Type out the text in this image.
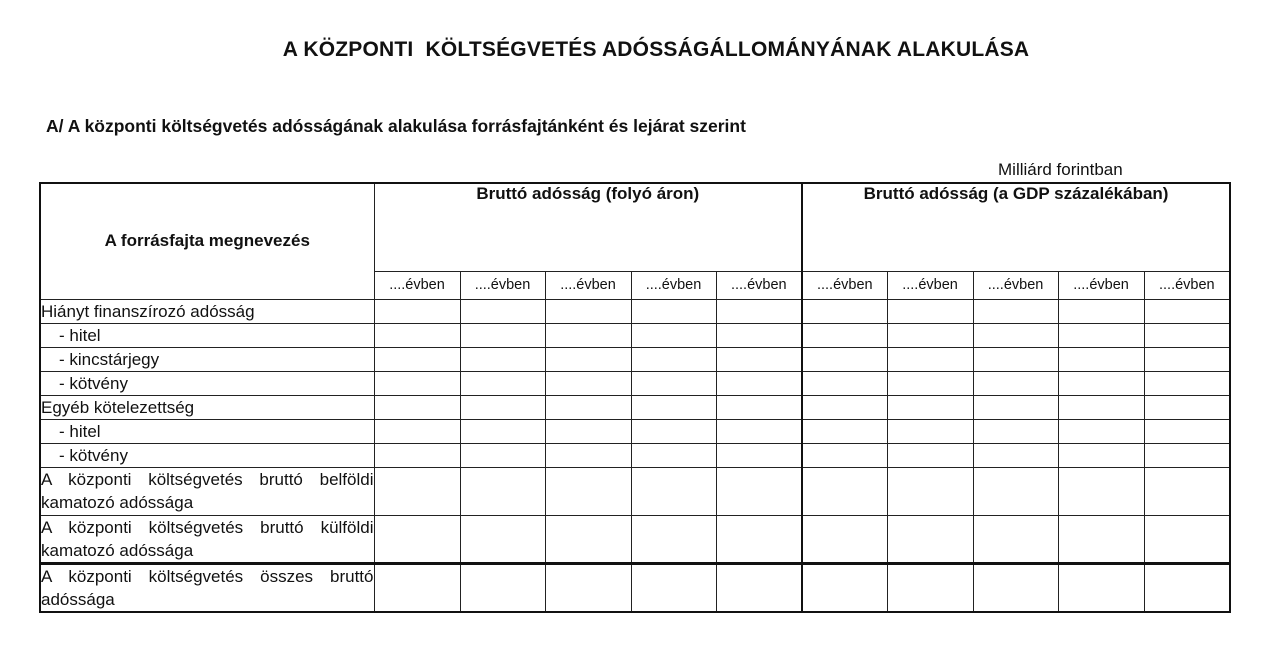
A KÖZPONTI  KÖLTSÉGVETÉS ADÓSSÁGÁLLOMÁNYÁNAK ALAKULÁSA
A/ A központi költségvetés adósságának alakulása forrásfajtánként és lejárat szerint
Milliárd forintban
A forrásfajta megnevezés	Bruttó adósság (folyó áron)					Bruttó adósság (a GDP százalékában)				
	....évben	....évben	....évben	....évben	....évben	....évben	....évben	....évben	....évben	....évben
Hiányt finanszírozó adósság										
- hitel										
- kincstárjegy										
- kötvény										
Egyéb kötelezettség										
- hitel										
- kötvény										
A központi költségvetés bruttó belföldi kamatozó adóssága										
A központi költségvetés bruttó külföldi kamatozó adóssága										
A központi költségvetés összes bruttó adóssága										
